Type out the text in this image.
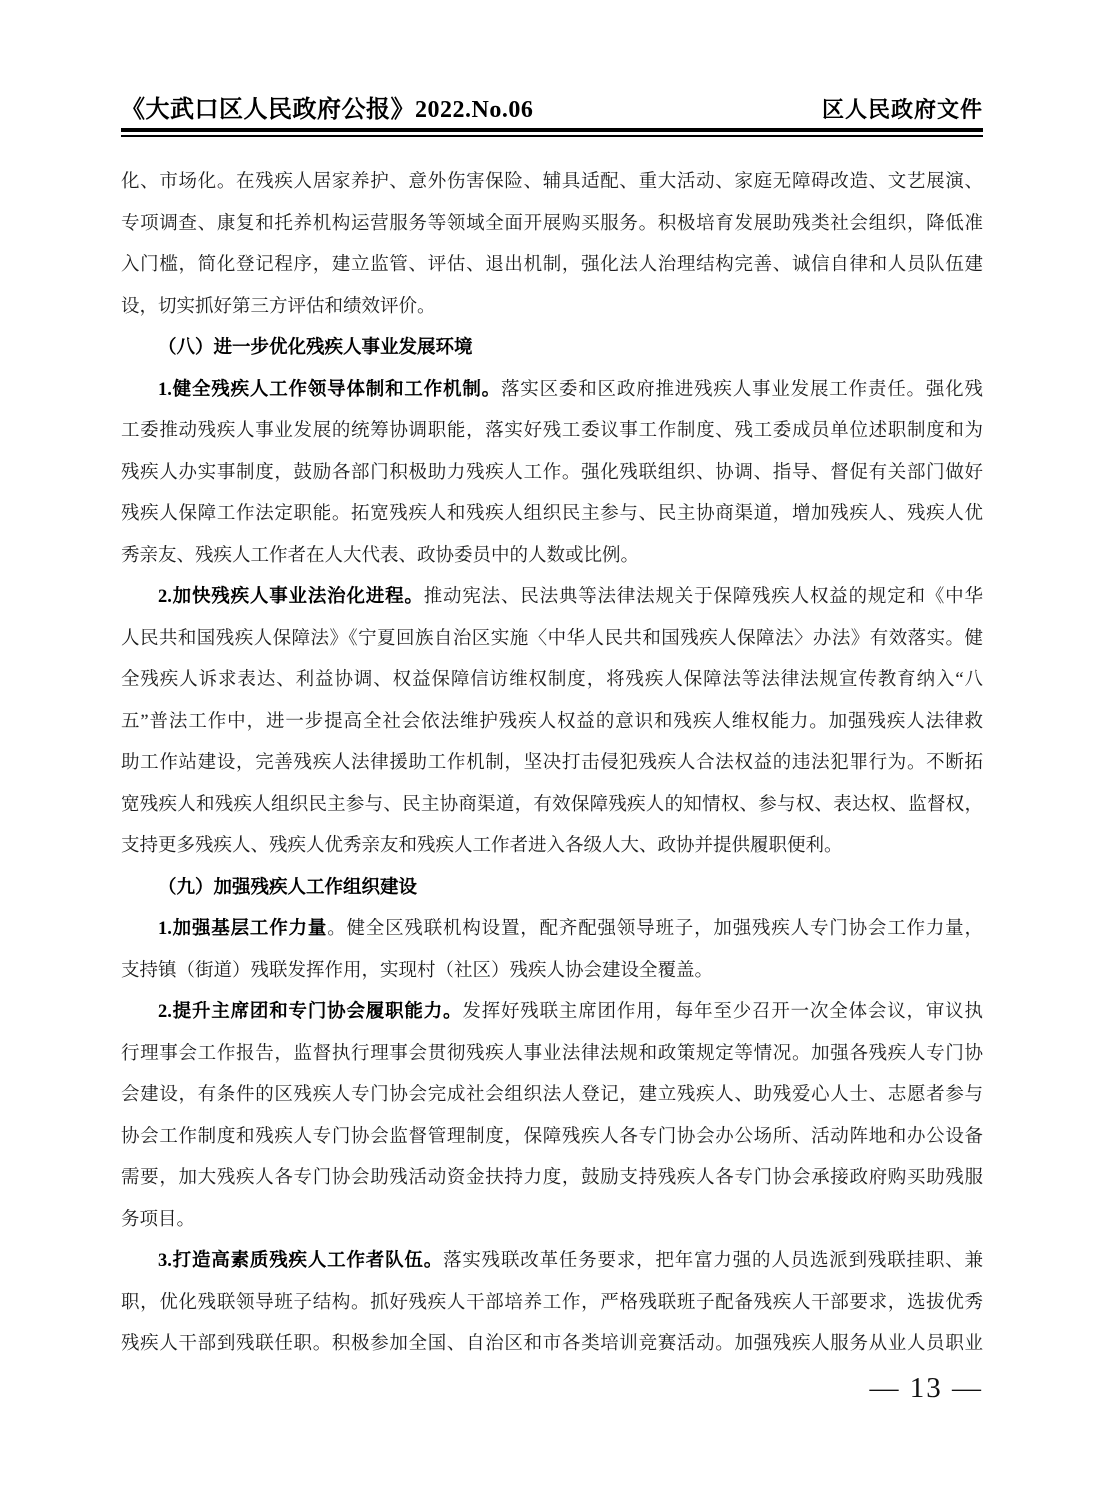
《大武口区人民政府公报》2022.No.06	区人民政府文件
化、市场化。在残疾人居家养护、意外伤害保险、辅具适配、重大活动、家庭无障碍改造、文艺展演、
专项调查、康复和托养机构运营服务等领域全面开展购买服务。积极培育发展助残类社会组织，降低准
入门槛，简化登记程序，建立监管、评估、退出机制，强化法人治理结构完善、诚信自律和人员队伍建
设，切实抓好第三方评估和绩效评价。
（八）进一步优化残疾人事业发展环境
1.健全残疾人工作领导体制和工作机制。落实区委和区政府推进残疾人事业发展工作责任。强化残
工委推动残疾人事业发展的统筹协调职能，落实好残工委议事工作制度、残工委成员单位述职制度和为
残疾人办实事制度，鼓励各部门积极助力残疾人工作。强化残联组织、协调、指导、督促有关部门做好
残疾人保障工作法定职能。拓宽残疾人和残疾人组织民主参与、民主协商渠道，增加残疾人、残疾人优
秀亲友、残疾人工作者在人大代表、政协委员中的人数或比例。
2.加快残疾人事业法治化进程。推动宪法、民法典等法律法规关于保障残疾人权益的规定和《中华
人民共和国残疾人保障法》《宁夏回族自治区实施〈中华人民共和国残疾人保障法〉办法》有效落实。健
全残疾人诉求表达、利益协调、权益保障信访维权制度，将残疾人保障法等法律法规宣传教育纳入“八
五”普法工作中，进一步提高全社会依法维护残疾人权益的意识和残疾人维权能力。加强残疾人法律救
助工作站建设，完善残疾人法律援助工作机制，坚决打击侵犯残疾人合法权益的违法犯罪行为。不断拓
宽残疾人和残疾人组织民主参与、民主协商渠道，有效保障残疾人的知情权、参与权、表达权、监督权，
支持更多残疾人、残疾人优秀亲友和残疾人工作者进入各级人大、政协并提供履职便利。
（九）加强残疾人工作组织建设
1.加强基层工作力量。健全区残联机构设置，配齐配强领导班子，加强残疾人专门协会工作力量，
支持镇（街道）残联发挥作用，实现村（社区）残疾人协会建设全覆盖。
2.提升主席团和专门协会履职能力。发挥好残联主席团作用，每年至少召开一次全体会议，审议执
行理事会工作报告，监督执行理事会贯彻残疾人事业法律法规和政策规定等情况。加强各残疾人专门协
会建设，有条件的区残疾人专门协会完成社会组织法人登记，建立残疾人、助残爱心人士、志愿者参与
协会工作制度和残疾人专门协会监督管理制度，保障残疾人各专门协会办公场所、活动阵地和办公设备
需要，加大残疾人各专门协会助残活动资金扶持力度，鼓励支持残疾人各专门协会承接政府购买助残服
务项目。
3.打造高素质残疾人工作者队伍。落实残联改革任务要求，把年富力强的人员选派到残联挂职、兼
职，优化残联领导班子结构。抓好残疾人干部培养工作，严格残联班子配备残疾人干部要求，选拔优秀
残疾人干部到残联任职。积极参加全国、自治区和市各类培训竞赛活动。加强残疾人服务从业人员职业
— 13 —
